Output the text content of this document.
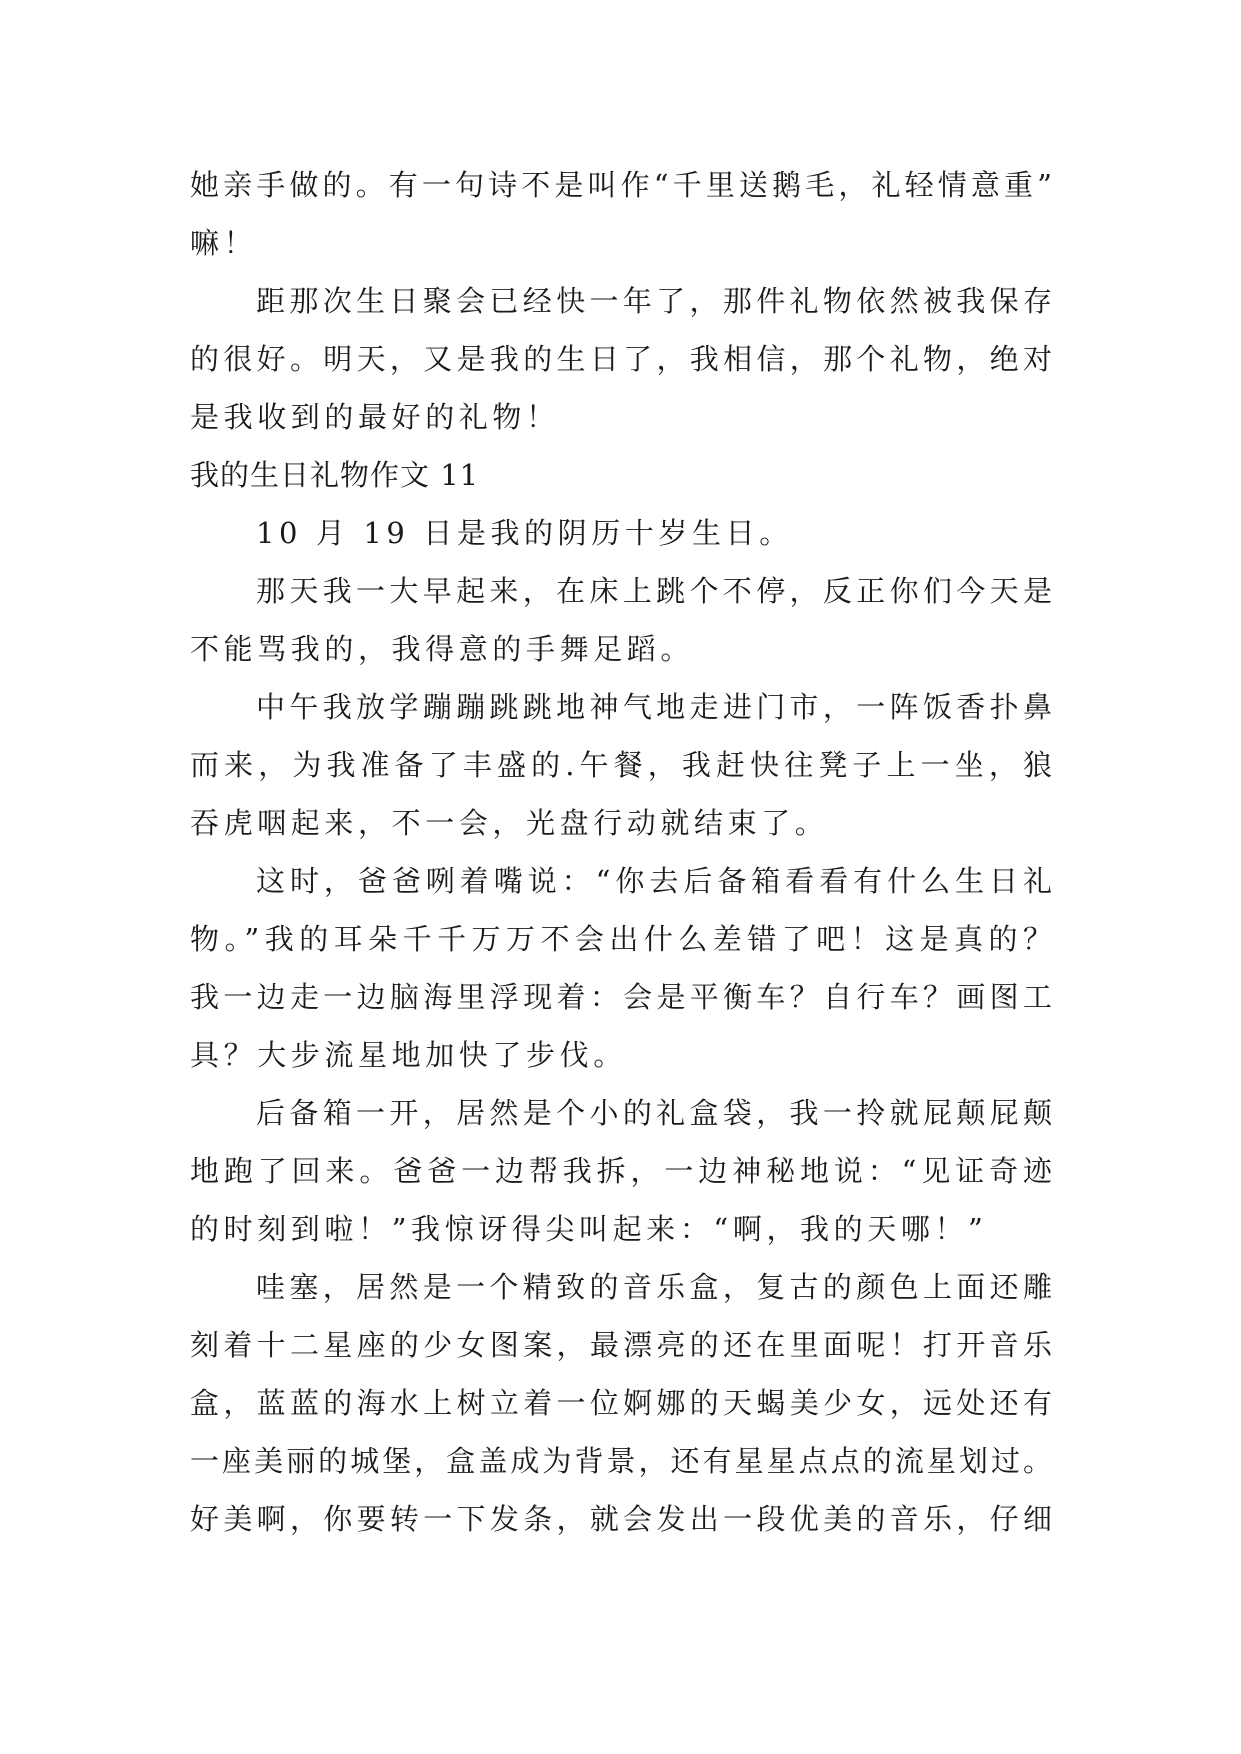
她亲手做的。有一句诗不是叫作“千里送鹅毛，礼轻情意重”
嘛！
距那次生日聚会已经快一年了，那件礼物依然被我保存
的很好。明天，又是我的生日了，我相信，那个礼物，绝对
是我收到的最好的礼物！
我的生日礼物作文 11
10 月 19 日是我的阴历十岁生日。
那天我一大早起来，在床上跳个不停，反正你们今天是
不能骂我的，我得意的手舞足蹈。
中午我放学蹦蹦跳跳地神气地走进门市，一阵饭香扑鼻
而来，为我准备了丰盛的.午餐，我赶快往凳子上一坐，狼
吞虎咽起来，不一会，光盘行动就结束了。
这时，爸爸咧着嘴说：“你去后备箱看看有什么生日礼
物。”我的耳朵千千万万不会出什么差错了吧！这是真的？
我一边走一边脑海里浮现着：会是平衡车？自行车？画图工
具？大步流星地加快了步伐。
后备箱一开，居然是个小的礼盒袋，我一拎就屁颠屁颠
地跑了回来。爸爸一边帮我拆，一边神秘地说：“见证奇迹
的时刻到啦！”我惊讶得尖叫起来：“啊，我的天哪！”
哇塞，居然是一个精致的音乐盒，复古的颜色上面还雕
刻着十二星座的少女图案，最漂亮的还在里面呢！打开音乐
盒，蓝蓝的海水上树立着一位婀娜的天蝎美少女，远处还有
一座美丽的城堡，盒盖成为背景，还有星星点点的流星划过。
好美啊，你要转一下发条，就会发出一段优美的音乐，仔细
